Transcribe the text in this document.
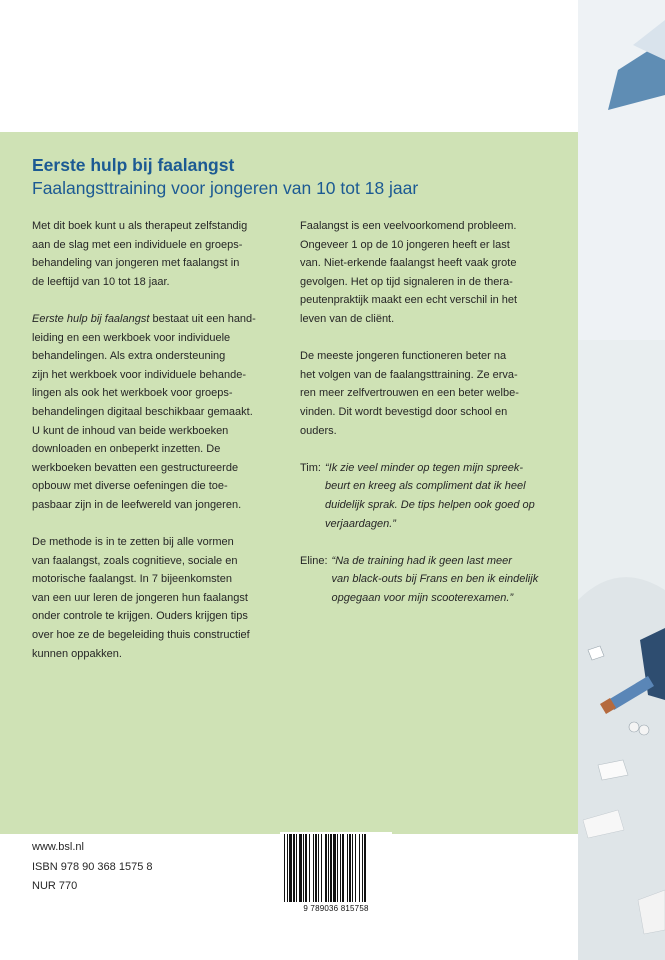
Eerste hulp bij faalangst
Faalangsttraining voor jongeren van 10 tot 18 jaar

Met dit boek kunt u als therapeut zelfstandig
aan de slag met een individuele en groeps-
behandeling van jongeren met faalangst in
de leeftijd van 10 tot 18 jaar.

Eerste hulp bij faalangst bestaat uit een hand-
leiding en een werkboek voor individuele
behandelingen. Als extra ondersteuning
zijn het werkboek voor individuele behande-
lingen als ook het werkboek voor groeps-
behandelingen digitaal beschikbaar gemaakt.
U kunt de inhoud van beide werkboeken
downloaden en onbeperkt inzetten. De
werkboeken bevatten een gestructureerde
opbouw met diverse oefeningen die toe-
pasbaar zijn in de leefwereld van jongeren.

De methode is in te zetten bij alle vormen
van faalangst, zoals cognitieve, sociale en
motorische faalangst. In 7 bijeenkomsten
van een uur leren de jongeren hun faalangst
onder controle te krijgen. Ouders krijgen tips
over hoe ze de begeleiding thuis constructief
kunnen oppakken.

Faalangst is een veelvoorkomend probleem.
Ongeveer 1 op de 10 jongeren heeft er last
van. Niet-erkende faalangst heeft vaak grote
gevolgen. Het op tijd signaleren in de thera-
peutenpraktijk maakt een echt verschil in het
leven van de cliënt.

De meeste jongeren functioneren beter na
het volgen van de faalangsttraining. Ze erva-
ren meer zelfvertrouwen en een beter welbe-
vinden. Dit wordt bevestigd door school en
ouders.

Tim: “Ik zie veel minder op tegen mijn spreek-
beurt en kreeg als compliment dat ik heel
duidelijk sprak. De tips helpen ook goed op
verjaardagen.”

Eline: “Na de training had ik geen last meer
van black-outs bij Frans en ben ik eindelijk
opgegaan voor mijn scooterexamen.”

www.bsl.nl
ISBN 978 90 368 1575 8
NUR 770
9 789036 815758
